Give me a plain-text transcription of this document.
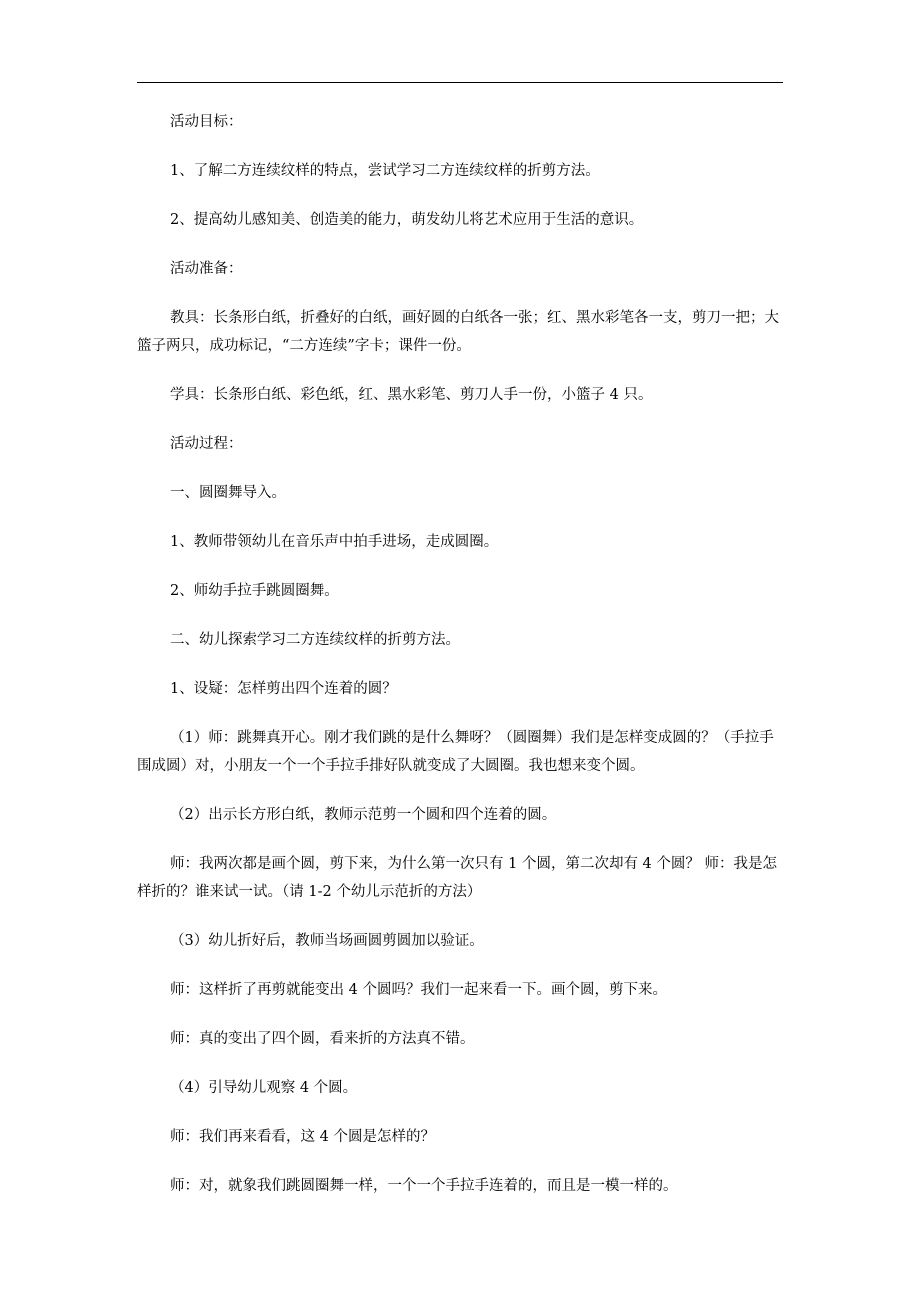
活动目标：

1、了解二方连续纹样的特点，尝试学习二方连续纹样的折剪方法。

2、提高幼儿感知美、创造美的能力，萌发幼儿将艺术应用于生活的意识。

活动准备：

教具：长条形白纸，折叠好的白纸，画好圆的白纸各一张；红、黑水彩笔各一支，剪刀一把；大篮子两只，成功标记，“二方连续”字卡；课件一份。

学具：长条形白纸、彩色纸，红、黑水彩笔、剪刀人手一份，小篮子 4 只。

活动过程：

一、圆圈舞导入。

1、教师带领幼儿在音乐声中拍手进场，走成圆圈。

2、师幼手拉手跳圆圈舞。

二、幼儿探索学习二方连续纹样的折剪方法。

1、设疑：怎样剪出四个连着的圆？

（1）师：跳舞真开心。刚才我们跳的是什么舞呀？（圆圈舞）我们是怎样变成圆的？（手拉手围成圆）对，小朋友一个一个手拉手排好队就变成了大圆圈。我也想来变个圆。

（2）出示长方形白纸，教师示范剪一个圆和四个连着的圆。

师：我两次都是画个圆，剪下来，为什么第一次只有 1 个圆，第二次却有 4 个圆？ 师：我是怎样折的？谁来试一试。（请 1-2 个幼儿示范折的方法）

（3）幼儿折好后，教师当场画圆剪圆加以验证。

师：这样折了再剪就能变出 4 个圆吗？我们一起来看一下。画个圆，剪下来。

师：真的变出了四个圆，看来折的方法真不错。

（4）引导幼儿观察 4 个圆。

师：我们再来看看，这 4 个圆是怎样的？

师：对，就象我们跳圆圈舞一样，一个一个手拉手连着的，而且是一模一样的。
